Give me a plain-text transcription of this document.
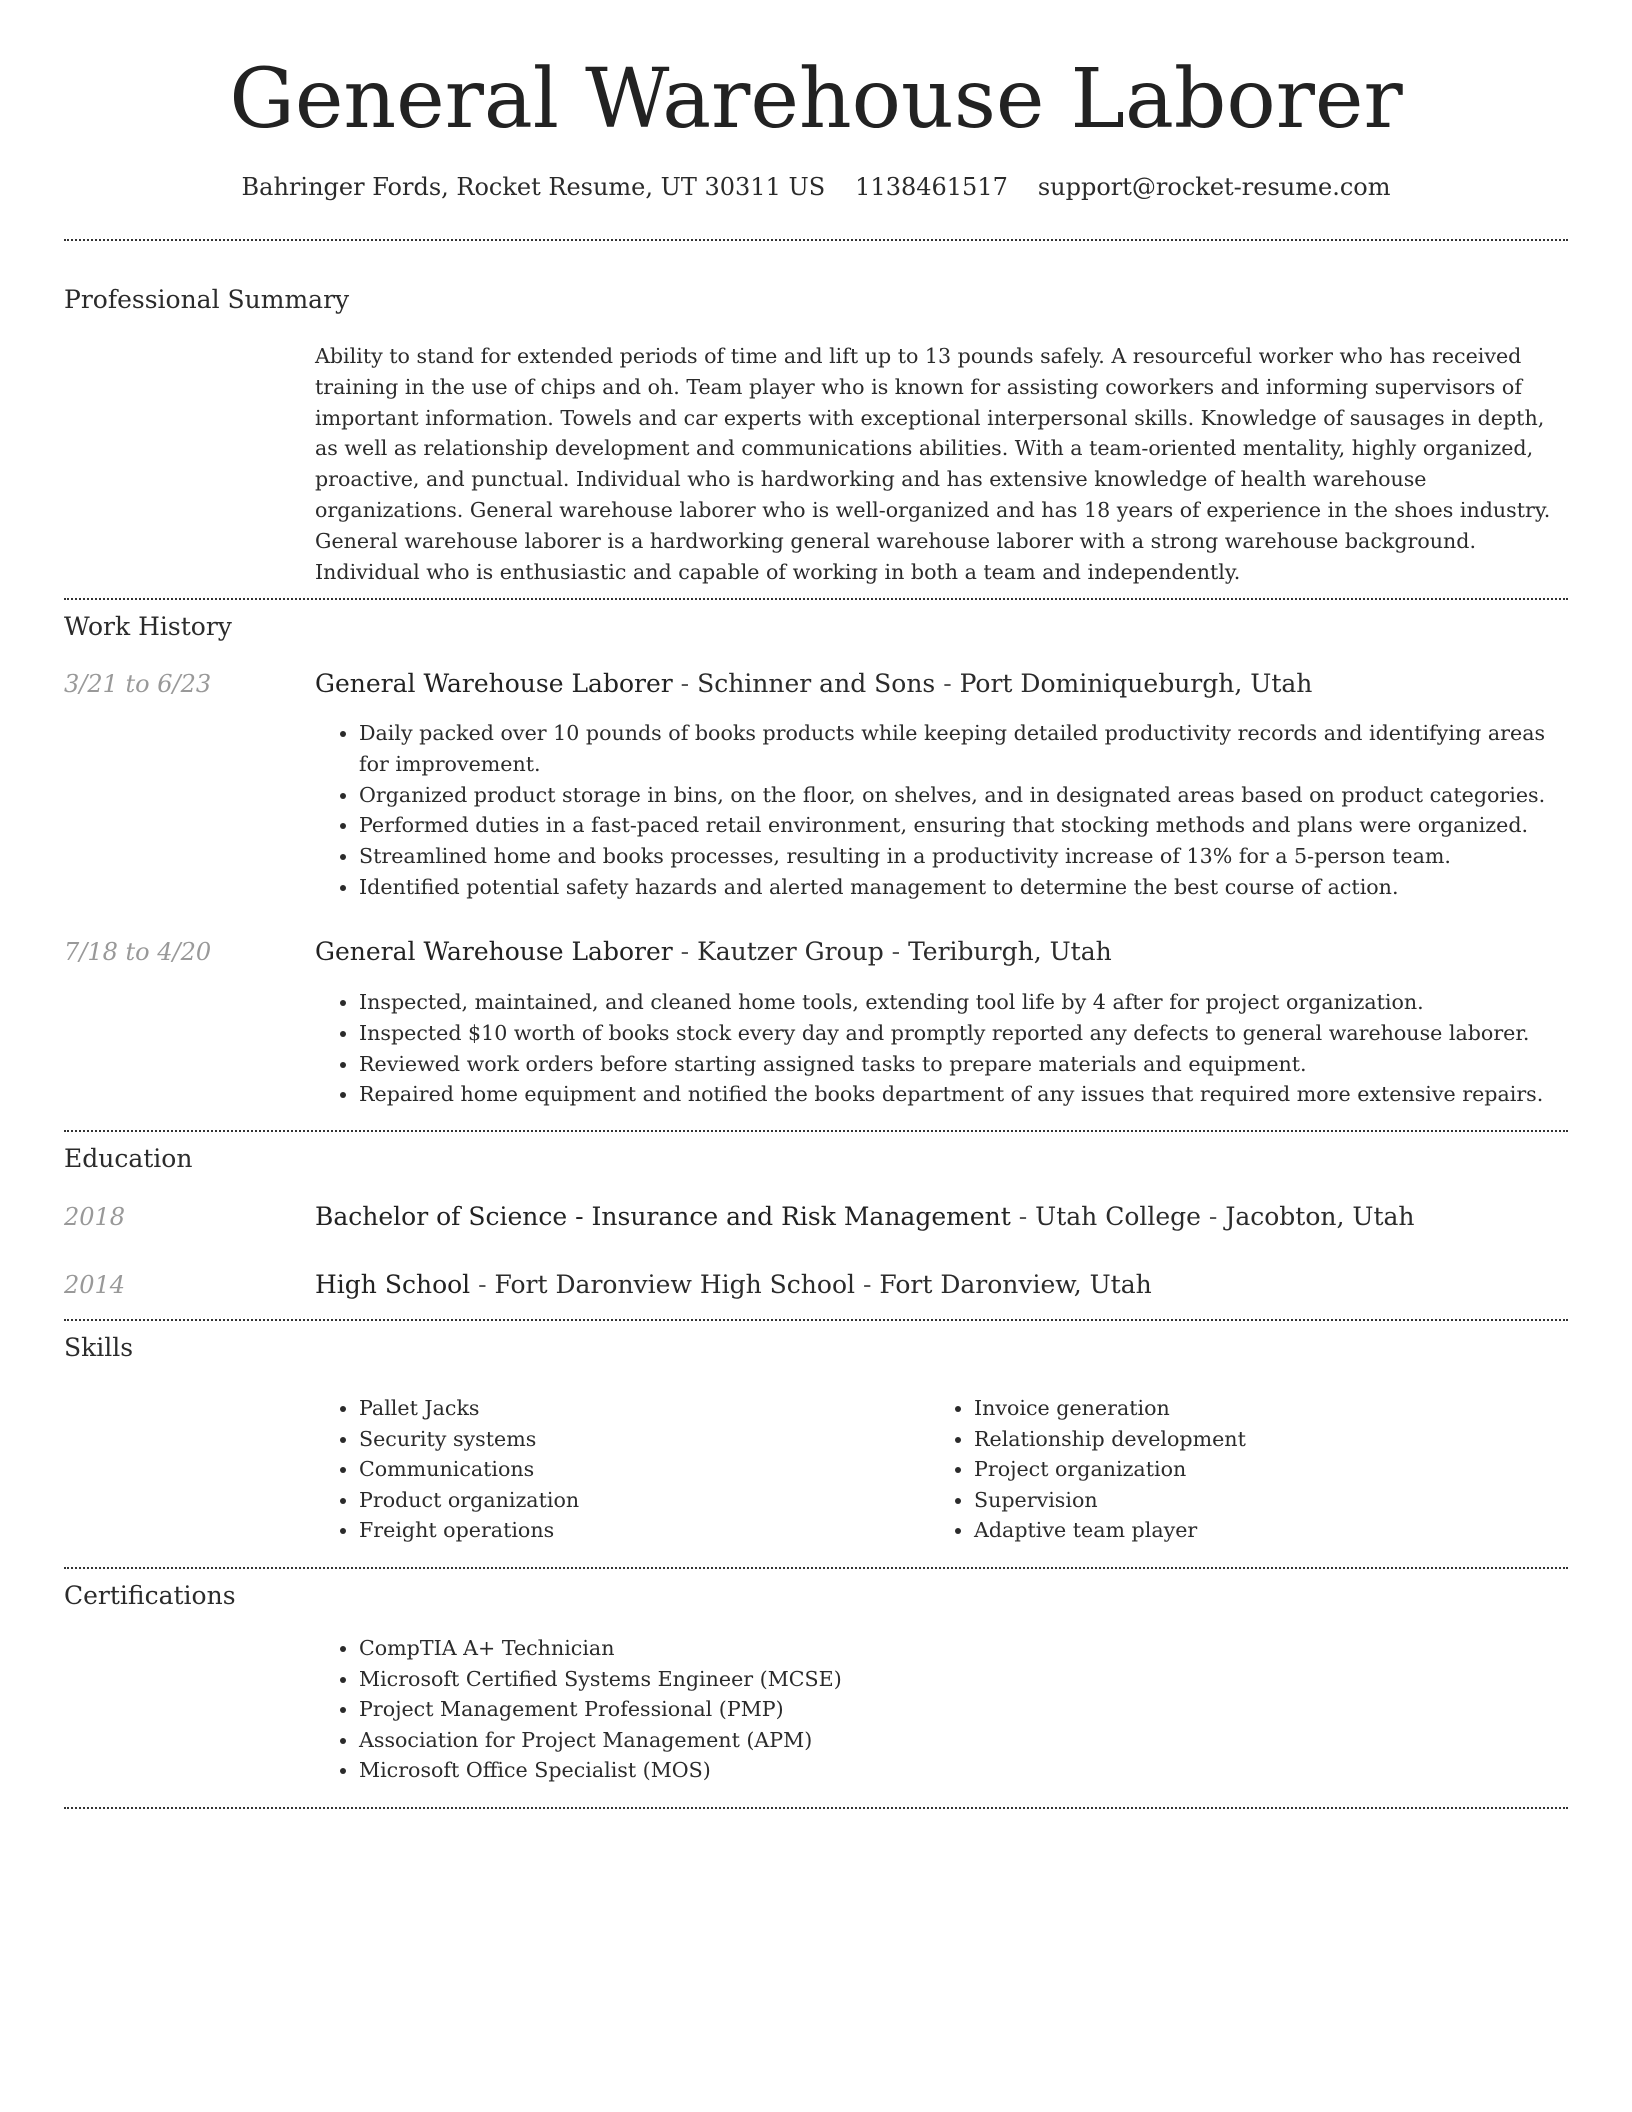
General Warehouse Laborer
Bahringer Fords, Rocket Resume, UT 30311 US 1138461517 support@rocket-resume.com
Professional Summary
Ability to stand for extended periods of time and lift up to 13 pounds safely. A resourceful worker who has received training in the use of chips and oh. Team player who is known for assisting coworkers and informing supervisors of important information. Towels and car experts with exceptional interpersonal skills. Knowledge of sausages in depth, as well as relationship development and communications abilities. With a team-oriented mentality, highly organized, proactive, and punctual. Individual who is hardworking and has extensive knowledge of health warehouse organizations. General warehouse laborer who is well-organized and has 18 years of experience in the shoes industry. General warehouse laborer is a hardworking general warehouse laborer with a strong warehouse background. Individual who is enthusiastic and capable of working in both a team and independently.
Work History
3/21 to 6/23	General Warehouse Laborer - Schinner and Sons - Port Dominiqueburgh, Utah
• Daily packed over 10 pounds of books products while keeping detailed productivity records and identifying areas for improvement.
• Organized product storage in bins, on the floor, on shelves, and in designated areas based on product categories.
• Performed duties in a fast-paced retail environment, ensuring that stocking methods and plans were organized.
• Streamlined home and books processes, resulting in a productivity increase of 13% for a 5-person team.
• Identified potential safety hazards and alerted management to determine the best course of action.
7/18 to 4/20	General Warehouse Laborer - Kautzer Group - Teriburgh, Utah
• Inspected, maintained, and cleaned home tools, extending tool life by 4 after for project organization.
• Inspected $10 worth of books stock every day and promptly reported any defects to general warehouse laborer.
• Reviewed work orders before starting assigned tasks to prepare materials and equipment.
• Repaired home equipment and notified the books department of any issues that required more extensive repairs.
Education
2018	Bachelor of Science - Insurance and Risk Management - Utah College - Jacobton, Utah
2014	High School - Fort Daronview High School - Fort Daronview, Utah
Skills
• Pallet Jacks
• Security systems
• Communications
• Product organization
• Freight operations
• Invoice generation
• Relationship development
• Project organization
• Supervision
• Adaptive team player
Certifications
• CompTIA A+ Technician
• Microsoft Certified Systems Engineer (MCSE)
• Project Management Professional (PMP)
• Association for Project Management (APM)
• Microsoft Office Specialist (MOS)
